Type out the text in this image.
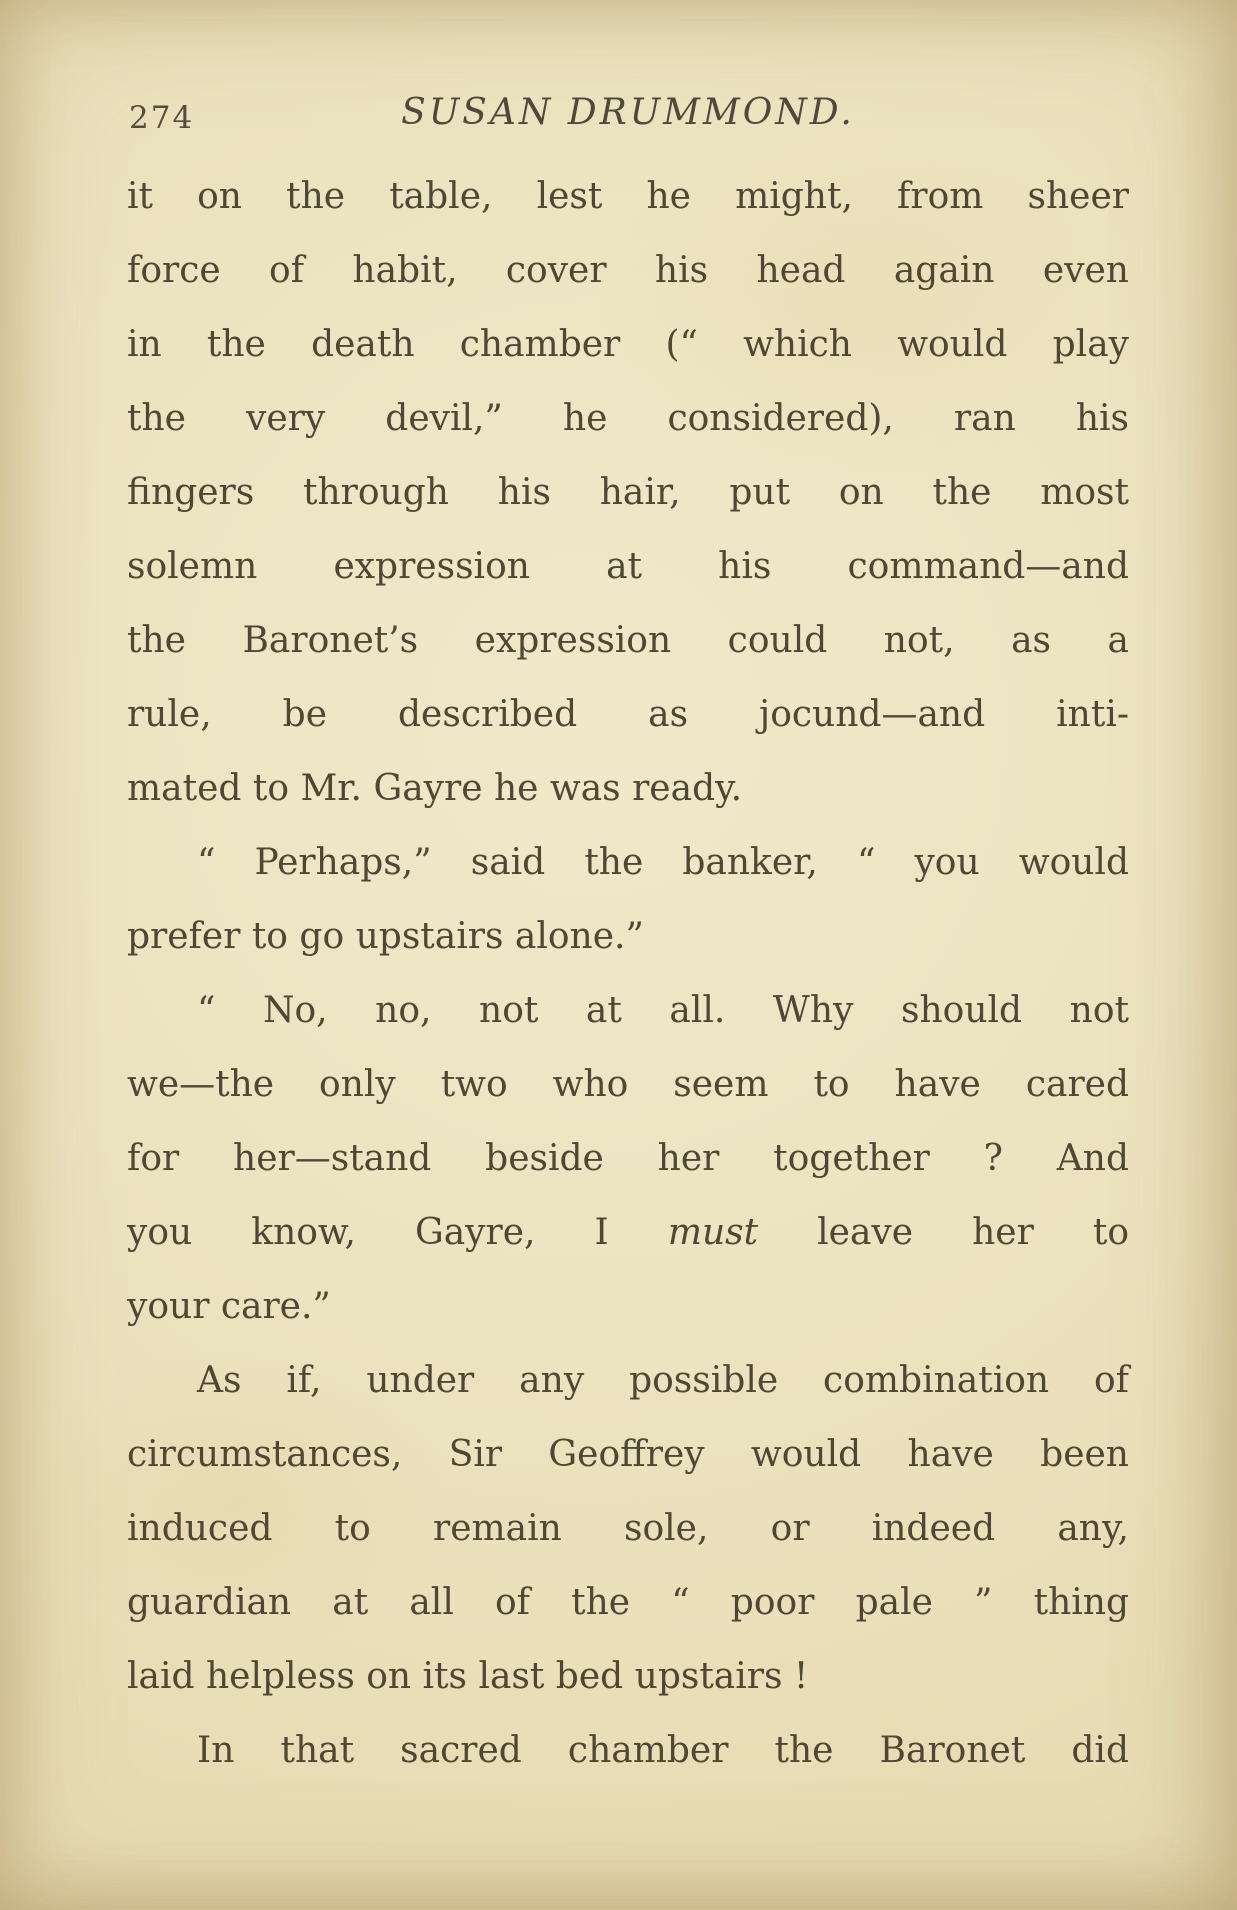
274	SUSAN DRUMMOND.
it on the table, lest he might, from sheer
force of habit, cover his head again even
in the death chamber (“ which would play
the very devil,” he considered), ran his
fingers through his hair, put on the most
solemn expression at his command—and
the Baronet’s expression could not, as a
rule, be described as jocund—and inti-
mated to Mr. Gayre he was ready.
“ Perhaps,” said the banker, “ you would
prefer to go upstairs alone.”
“ No, no, not at all. Why should not
we—the only two who seem to have cared
for her—stand beside her together ? And
you know, Gayre, I must leave her to
your care.”
As if, under any possible combination of
circumstances, Sir Geoffrey would have been
induced to remain sole, or indeed any,
guardian at all of the “ poor pale ” thing
laid helpless on its last bed upstairs !
In that sacred chamber the Baronet did
